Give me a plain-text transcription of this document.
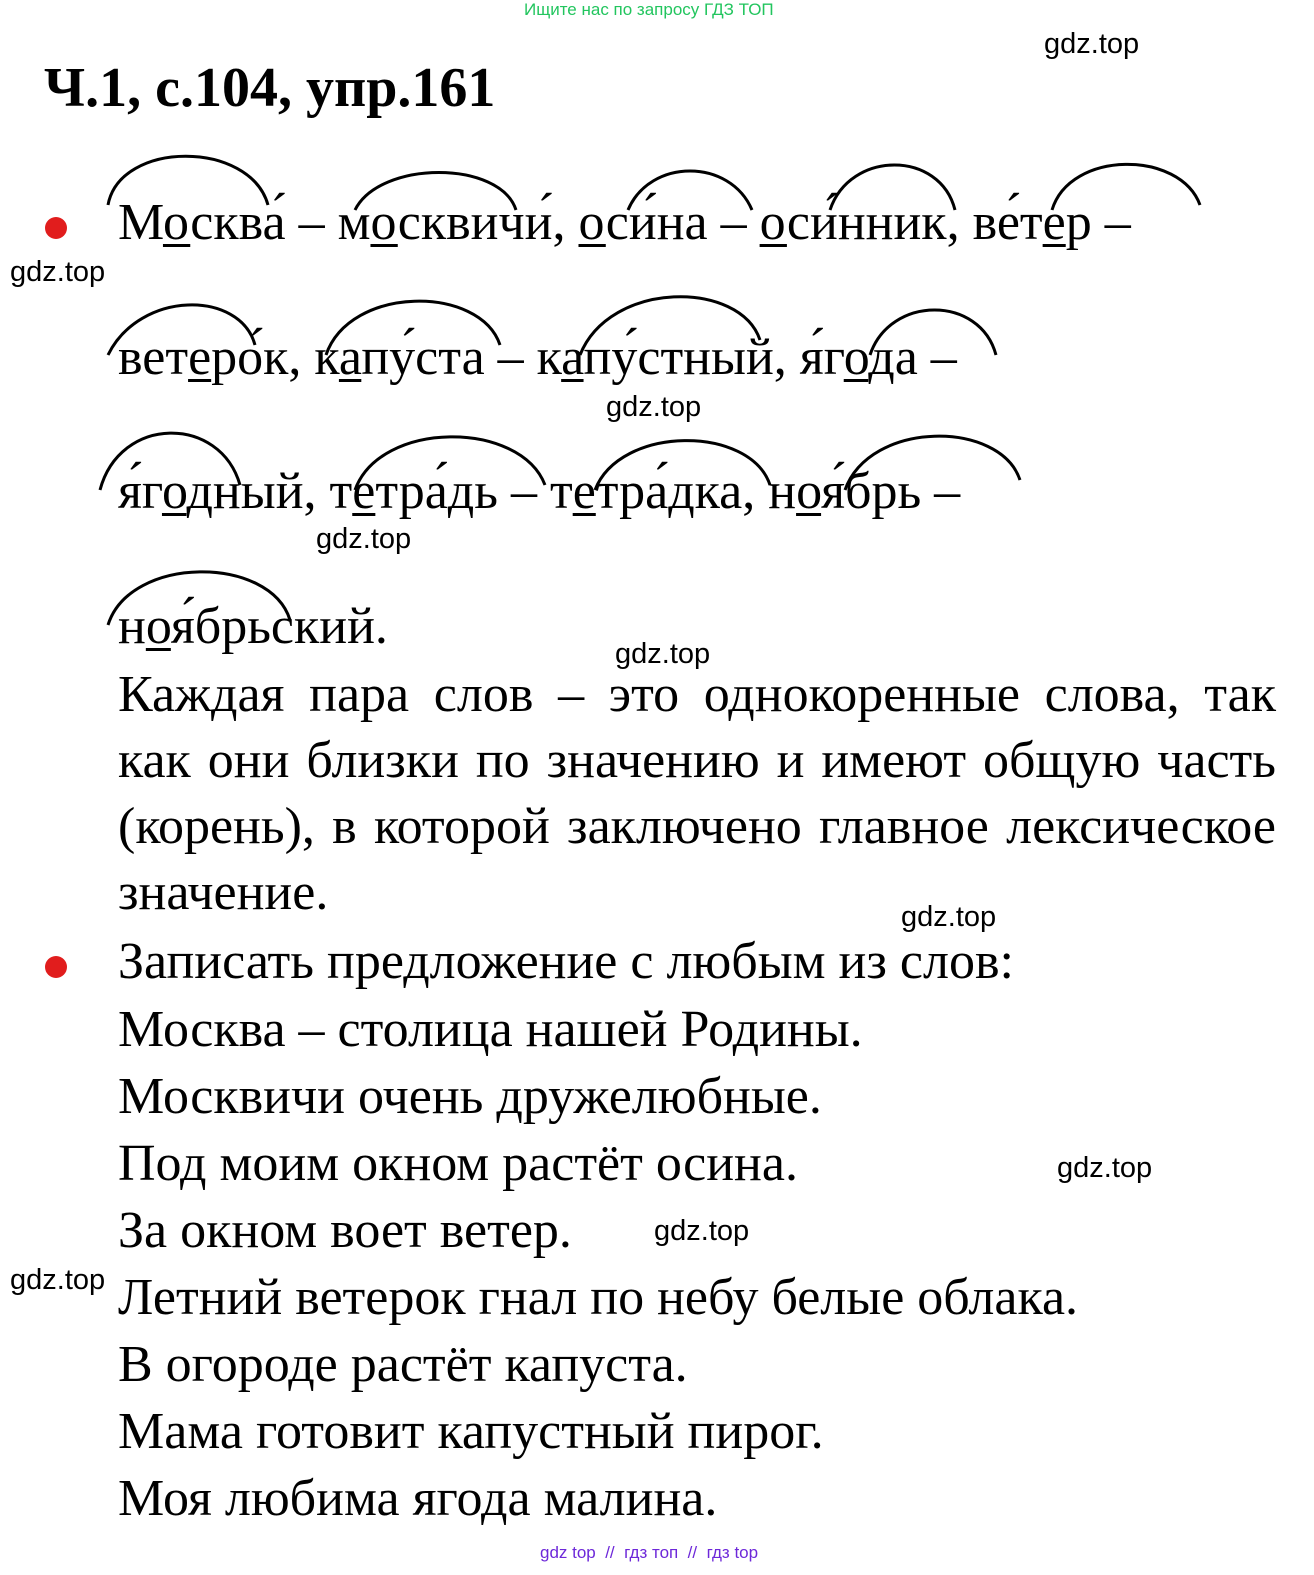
Ищите нас по запросу ГДЗ ТОП
gdz.top
Ч.1, с.104, упр.161
gdz.top
Москва́ – москвичи́, оси́на – оси́нник, ве́тер –
ветеро́к, капу́ста – капу́стный, я́года –
gdz.top
я́годный, тетра́дь – тетра́дка, ноя́брь –
gdz.top
ноя́брьский.	gdz.top
Каждая пара слов – это однокоренные слова, так как они близки по значению и имеют общую часть (корень), в которой заключено главное лексическое значение.	gdz.top
Записать предложение с любым из слов:
Москва – столица нашей Родины.
Москвичи очень дружелюбные.
Под моим окном растёт осина.	gdz.top
За окном воет ветер.	gdz.top
gdz.top Летний ветерок гнал по небу белые облака.
В огороде растёт капуста.
Мама готовит капустный пирог.
Моя любима ягода малина.
gdz top  //  гдз топ  //  гдз top
